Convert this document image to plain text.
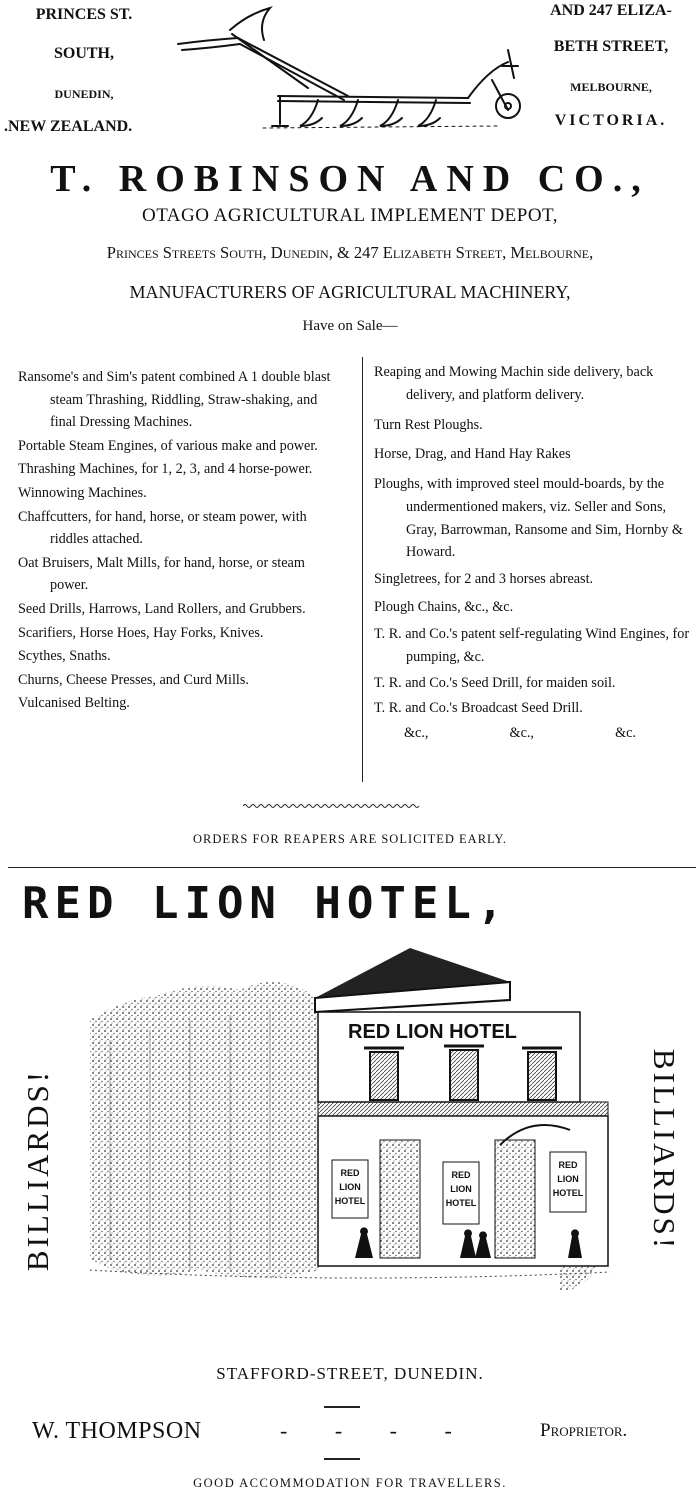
PRINCES ST.
SOUTH,
DUNEDIN,
.NEW ZEALAND.
AND 247 ELIZA-
BETH STREET,
MELBOURNE,
VICTORIA.
T. ROBINSON AND CO.,
OTAGO AGRICULTURAL IMPLEMENT DEPOT,
Princes Streets South, Dunedin, & 247 Elizabeth Street, Melbourne,
MANUFACTURERS OF AGRICULTURAL MACHINERY,
Have on Sale—
Ransome's and Sim's patent combined A 1 double blast steam Thrashing, Riddling, Straw-shaking, and final Dressing Machines.
Portable Steam Engines, of various make and power.
Thrashing Machines, for 1, 2, 3, and 4 horse-power.
Winnowing Machines.
Chaffcutters, for hand, horse, or steam power, with riddles attached.
Oat Bruisers, Malt Mills, for hand, horse, or steam power.
Seed Drills, Harrows, Land Rollers, and Grubbers.
Scarifiers, Horse Hoes, Hay Forks, Knives.
Scythes, Snaths.
Churns, Cheese Presses, and Curd Mills.
Vulcanised Belting.
Reaping and Mowing Machin side delivery, back delivery, and platform delivery.
Turn Rest Ploughs.
Horse, Drag, and Hand Hay Rakes
Ploughs, with improved steel mould-boards, by the undermentioned makers, viz. Seller and Sons, Gray, Barrowman, Ransome and Sim, Hornby & Howard.
Singletrees, for 2 and 3 horses abreast.
Plough Chains, &c., &c.
T. R. and Co.'s patent self-regulating Wind Engines, for pumping, &c.
T. R. and Co.'s Seed Drill, for maiden soil.
T. R. and Co.'s Broadcast Seed Drill.
&c.,	&c.,	&c.
ORDERS FOR REAPERS ARE SOLICITED EARLY.
RED LION HOTEL,
BILLIARDS!	BILLIARDS!
RED LION HOTEL
RED
LION
HOTEL
RED
LION
HOTEL
RED
LION
HOTEL
STAFFORD-STREET, DUNEDIN.
W. THOMPSON	- - - -	Proprietor.
GOOD ACCOMMODATION FOR TRAVELLERS.
